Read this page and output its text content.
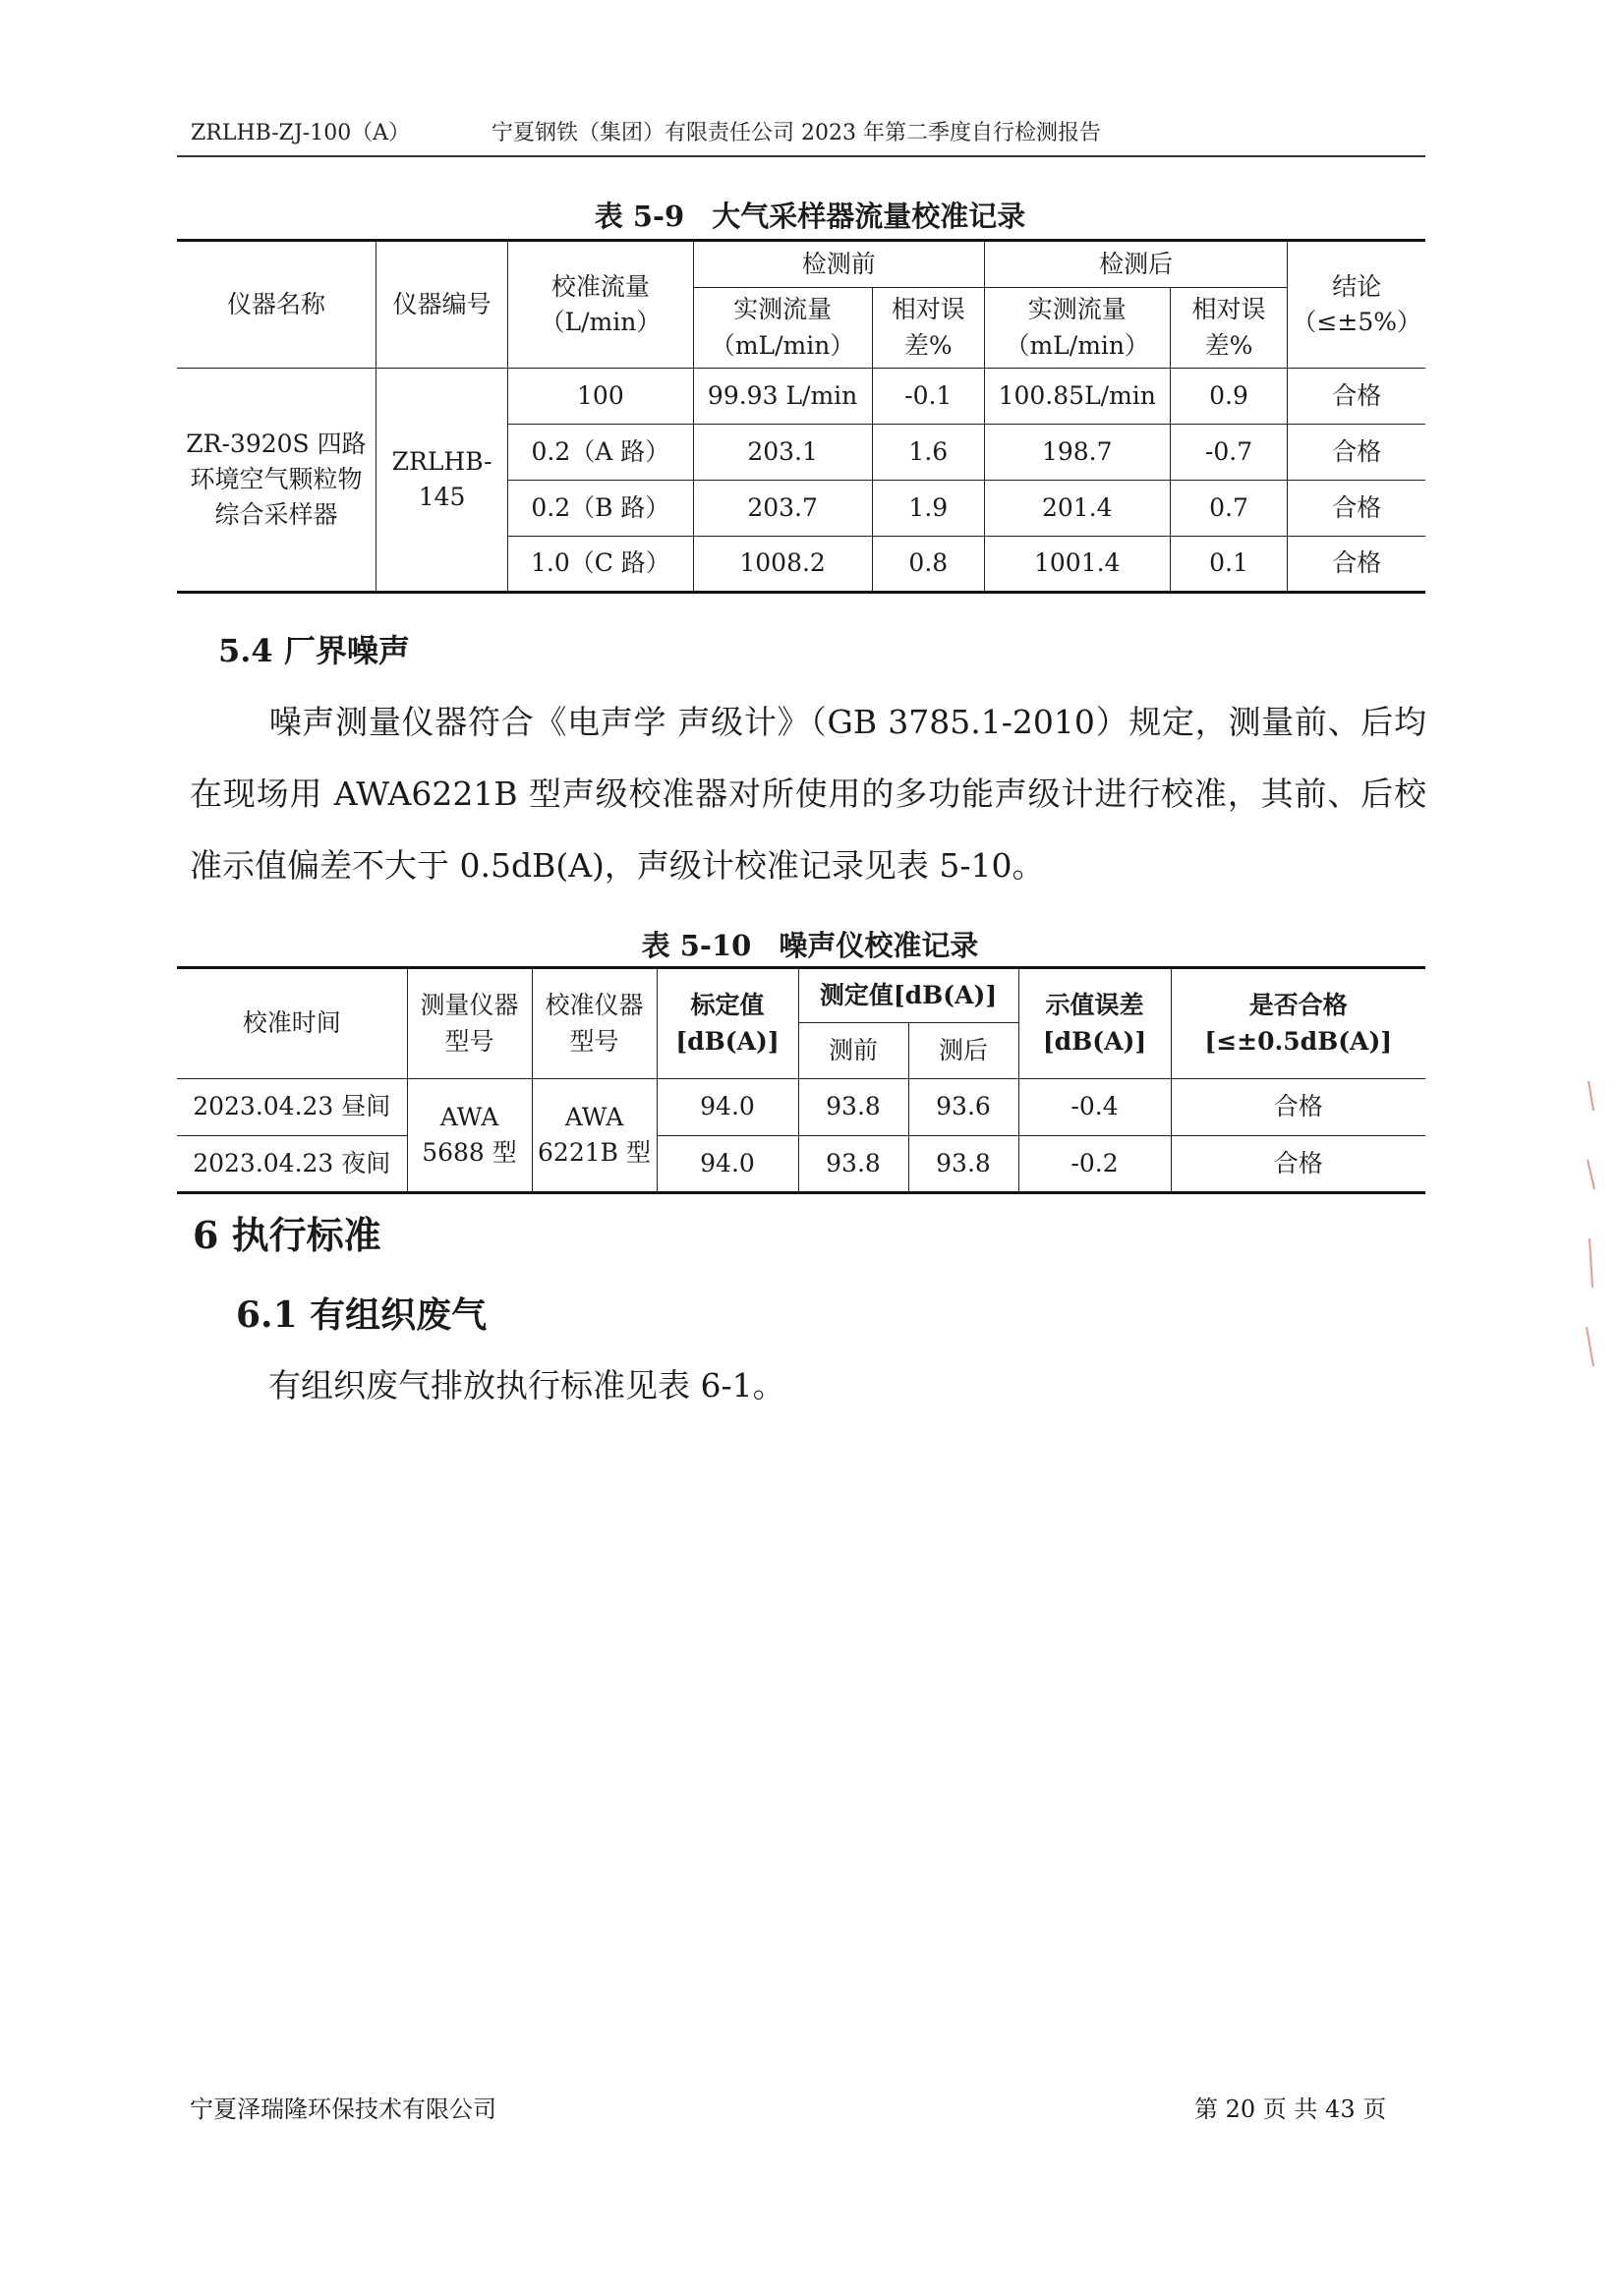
ZRLHB-ZJ-100（A）	宁夏钢铁（集团）有限责任公司 2023 年第二季度自行检测报告
表 5-9 大气采样器流量校准记录
仪器名称	仪器编号	校准流量（L/min）	检测前		检测后		结论（≤±5%）
			实测流量（mL/min）	相对误差%	实测流量（mL/min）	相对误差%	
ZR-3920S 四路环境空气颗粒物综合采样器	ZRLHB-145	100	99.93 L/min	-0.1	100.85L/min	0.9	合格
		0.2（A 路）	203.1	1.6	198.7	-0.7	合格
		0.2（B 路）	203.7	1.9	201.4	0.7	合格
		1.0（C 路）	1008.2	0.8	1001.4	0.1	合格
5.4 厂界噪声
噪声测量仪器符合《电声学 声级计》（GB 3785.1-2010）规定，测量前、后均在现场用 AWA6221B 型声级校准器对所使用的多功能声级计进行校准，其前、后校准示值偏差不大于 0.5dB(A)，声级计校准记录见表 5-10。
表 5-10 噪声仪校准记录
校准时间	测量仪器型号	校准仪器型号	标定值[dB(A)]	测定值[dB(A)]		示值误差[dB(A)]	是否合格[≤±0.5dB(A)]
				测前	测后		
2023.04.23 昼间	AWA 5688 型	AWA 6221B 型	94.0	93.8	93.6	-0.4	合格
2023.04.23 夜间			94.0	93.8	93.8	-0.2	合格
6 执行标准
6.1 有组织废气
有组织废气排放执行标准见表 6-1。
宁夏泽瑞隆环保技术有限公司	第 20 页 共 43 页
